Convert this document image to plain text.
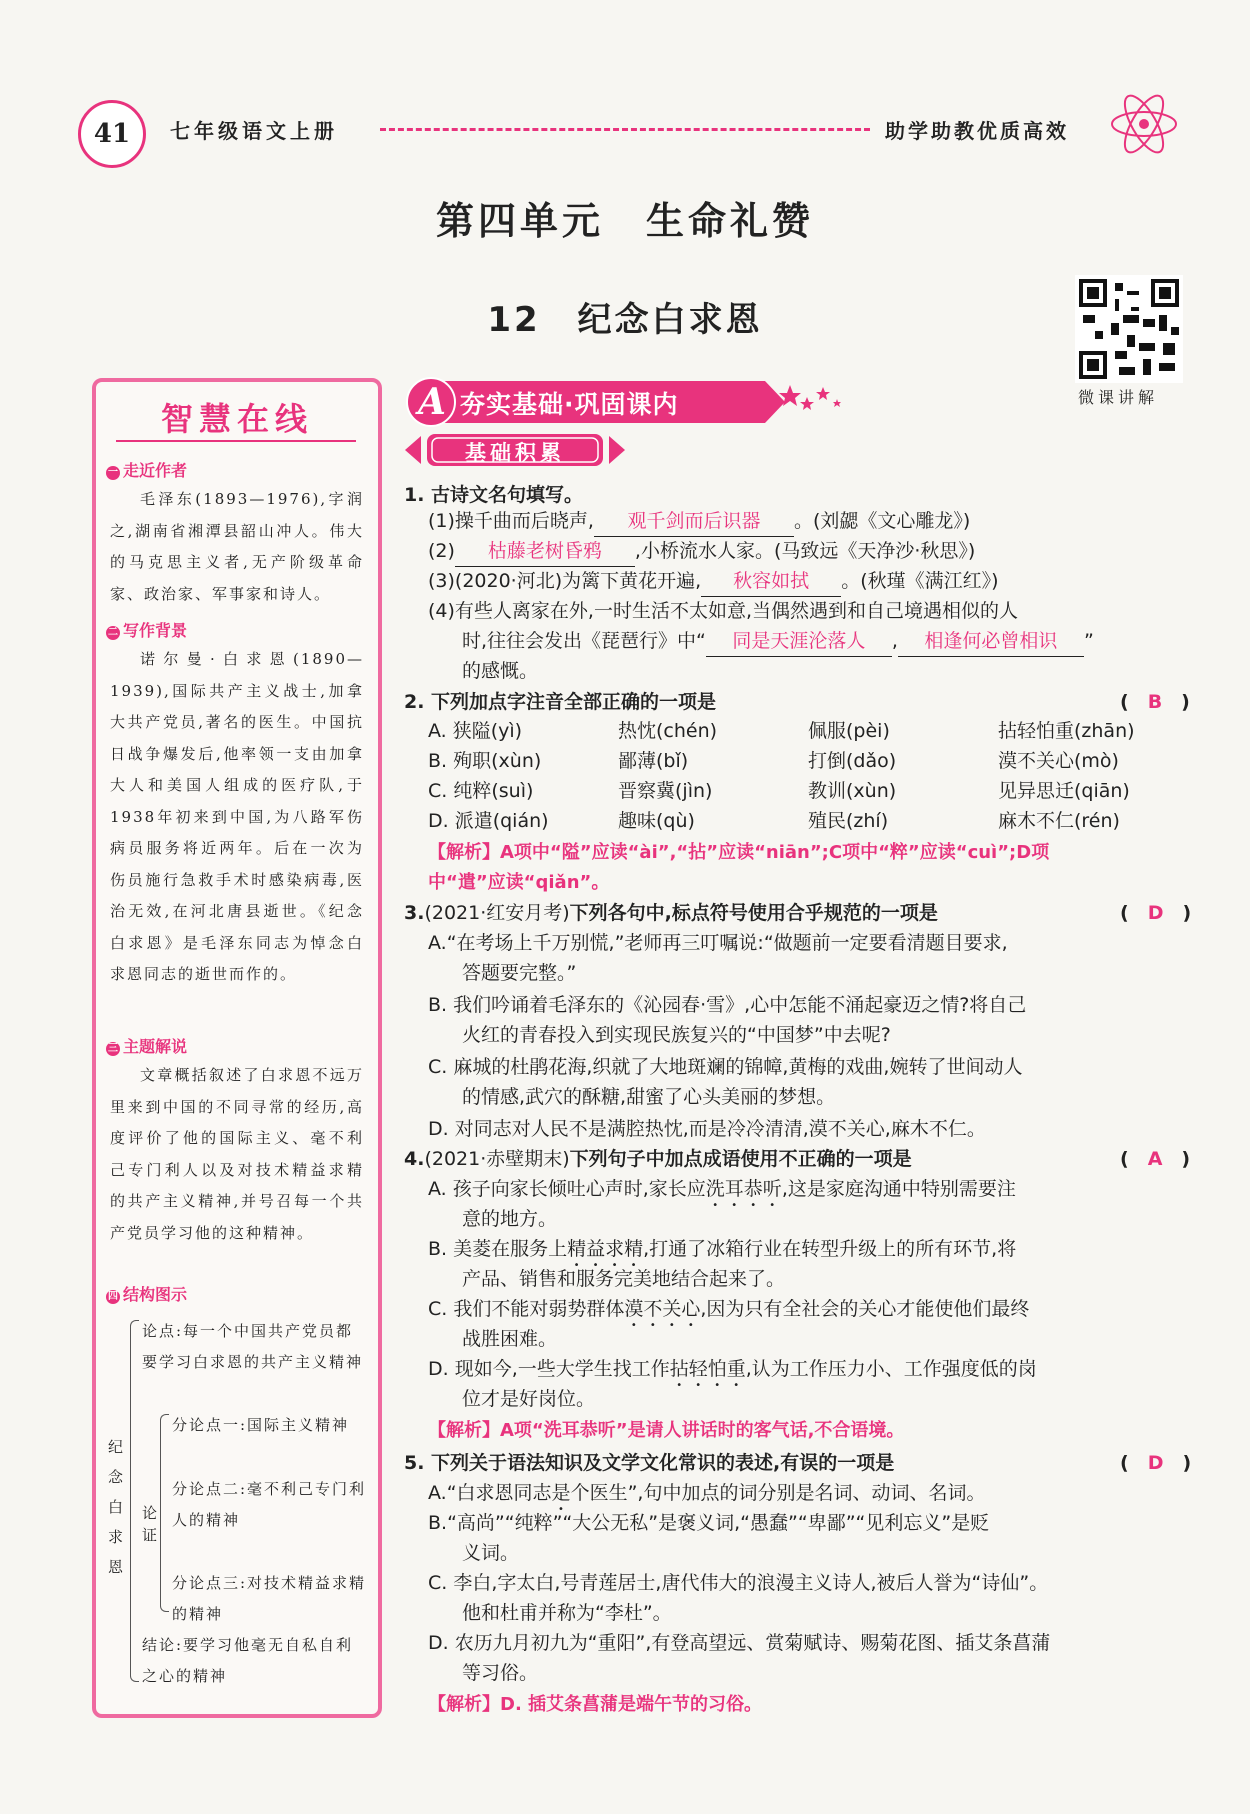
41	七年级语文上册	助学助教优质高效
第四单元　生命礼赞
12　纪念白求恩
微课讲解
智慧在线
一 走近作者
毛泽东(1893—1976),字润之,湖南省湘潭县韶山冲人。伟大的马克思主义者,无产阶级革命家、政治家、军事家和诗人。
二 写作背景
诺尔曼·白求恩(1890—1939),国际共产主义战士,加拿大共产党员,著名的医生。中国抗日战争爆发后,他率领一支由加拿大人和美国人组成的医疗队,于1938年初来到中国,为八路军伤病员服务将近两年。后在一次为伤员施行急救手术时感染病毒,医治无效,在河北唐县逝世。《纪念白求恩》是毛泽东同志为悼念白求恩同志的逝世而作的。
三 主题解说
文章概括叙述了白求恩不远万里来到中国的不同寻常的经历,高度评价了他的国际主义、毫不利己专门利人以及对技术精益求精的共产主义精神,并号召每一个共产党员学习他的这种精神。
四 结构图示
纪念白求恩
论点:每一个中国共产党员都要学习白求恩的共产主义精神
论证
分论点一:国际主义精神
分论点二:毫不利己专门利人的精神
分论点三:对技术精益求精的精神
结论:要学习他毫无自私自利之心的精神
A 夯实基础·巩固课内
基础积累
1. 古诗文名句填写。
(1)操千曲而后晓声, 观千剑而后识器 。(刘勰《文心雕龙》)
(2) 枯藤老树昏鸦 ,小桥流水人家。(马致远《天净沙·秋思》)
(3)(2020·河北)为篱下黄花开遍, 秋容如拭 。(秋瑾《满江红》)
(4)有些人离家在外,一时生活不太如意,当偶然遇到和自己境遇相似的人
时,往往会发出《琵琶行》中“ 同是天涯沦落人 , 相逢何必曾相识 ”
的感慨。
2. 下列加点字注音全部正确的一项是	(　B　)
A. 狭隘(yì)	热忱(chén)	佩服(pèi)	拈轻怕重(zhān)
B. 殉职(xùn)	鄙薄(bǐ)	打倒(dǎo)	漠不关心(mò)
C. 纯粹(suì)	晋察冀(jìn)	教训(xùn)	见异思迁(qiān)
D. 派遣(qián)	趣味(qù)	殖民(zhí)	麻木不仁(rén)
【解析】A项中“隘”应读“ài”,“拈”应读“niān”;C项中“粹”应读“cuì”;D项
中“遣”应读“qiǎn”。
3.(2021·红安月考)下列各句中,标点符号使用合乎规范的一项是	(　D　)
A.“在考场上千万别慌,”老师再三叮嘱说:“做题前一定要看清题目要求,
答题要完整。”
B. 我们吟诵着毛泽东的《沁园春·雪》,心中怎能不涌起豪迈之情?将自己
火红的青春投入到实现民族复兴的“中国梦”中去呢?
C. 麻城的杜鹃花海,织就了大地斑斓的锦幛,黄梅的戏曲,婉转了世间动人
的情感,武穴的酥糖,甜蜜了心头美丽的梦想。
D. 对同志对人民不是满腔热忱,而是冷冷清清,漠不关心,麻木不仁。
4.(2021·赤壁期末)下列句子中加点成语使用不正确的一项是	(　A　)
A. 孩子向家长倾吐心声时,家长应洗耳恭听,这是家庭沟通中特别需要注
意的地方。
B. 美菱在服务上精益求精,打通了冰箱行业在转型升级上的所有环节,将
产品、销售和服务完美地结合起来了。
C. 我们不能对弱势群体漠不关心,因为只有全社会的关心才能使他们最终
战胜困难。
D. 现如今,一些大学生找工作拈轻怕重,认为工作压力小、工作强度低的岗
位才是好岗位。
【解析】A项“洗耳恭听”是请人讲话时的客气话,不合语境。
5. 下列关于语法知识及文学文化常识的表述,有误的一项是	(　D　)
A.“白求恩同志是个医生”,句中加点的词分别是名词、动词、名词。
B.“高尚”“纯粹”“大公无私”是褒义词,“愚蠢”“卑鄙”“见利忘义”是贬
义词。
C. 李白,字太白,号青莲居士,唐代伟大的浪漫主义诗人,被后人誉为“诗仙”。
他和杜甫并称为“李杜”。
D. 农历九月初九为“重阳”,有登高望远、赏菊赋诗、赐菊花图、插艾条菖蒲
等习俗。
【解析】D. 插艾条菖蒲是端午节的习俗。
